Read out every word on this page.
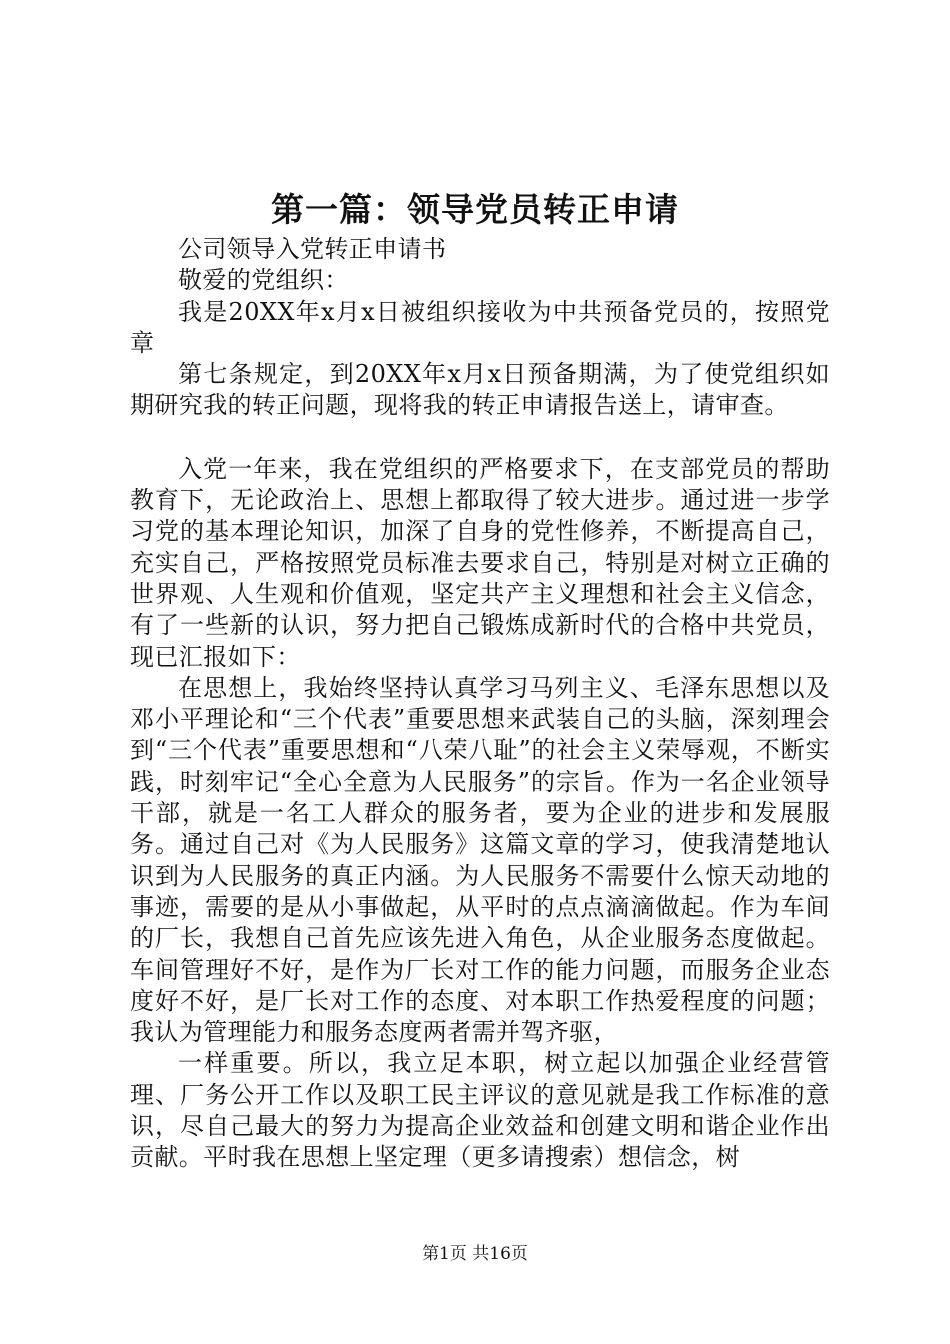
第一篇：领导党员转正申请

公司领导入党转正申请书

敬爱的党组织：

我是20XX年x月x日被组织接收为中共预备党员的，按照党章

第七条规定，到20XX年x月x日预备期满，为了使党组织如期研究我的转正问题，现将我的转正申请报告送上，请审查。

入党一年来，我在党组织的严格要求下，在支部党员的帮助教育下，无论政治上、思想上都取得了较大进步。通过进一步学习党的基本理论知识，加深了自身的党性修养，不断提高自己，充实自己，严格按照党员标准去要求自己，特别是对树立正确的世界观、人生观和价值观，坚定共产主义理想和社会主义信念，有了一些新的认识，努力把自己锻炼成新时代的合格中共党员，现已汇报如下：

在思想上，我始终坚持认真学习马列主义、毛泽东思想以及邓小平理论和“三个代表”重要思想来武装自己的头脑，深刻理会到“三个代表”重要思想和“八荣八耻”的社会主义荣辱观，不断实践，时刻牢记“全心全意为人民服务”的宗旨。作为一名企业领导干部，就是一名工人群众的服务者，要为企业的进步和发展服务。通过自己对《为人民服务》这篇文章的学习，使我清楚地认识到为人民服务的真正内涵。为人民服务不需要什么惊天动地的事迹，需要的是从小事做起，从平时的点点滴滴做起。作为车间的厂长，我想自己首先应该先进入角色，从企业服务态度做起。车间管理好不好，是作为厂长对工作的能力问题，而服务企业态度好不好，是厂长对工作的态度、对本职工作热爱程度的问题；我认为管理能力和服务态度两者需并驾齐驱，

一样重要。所以，我立足本职，树立起以加强企业经营管理、厂务公开工作以及职工民主评议的意见就是我工作标准的意识，尽自己最大的努力为提高企业效益和创建文明和谐企业作出贡献。平时我在思想上坚定理（更多请搜索）想信念，树

第1页 共16页
